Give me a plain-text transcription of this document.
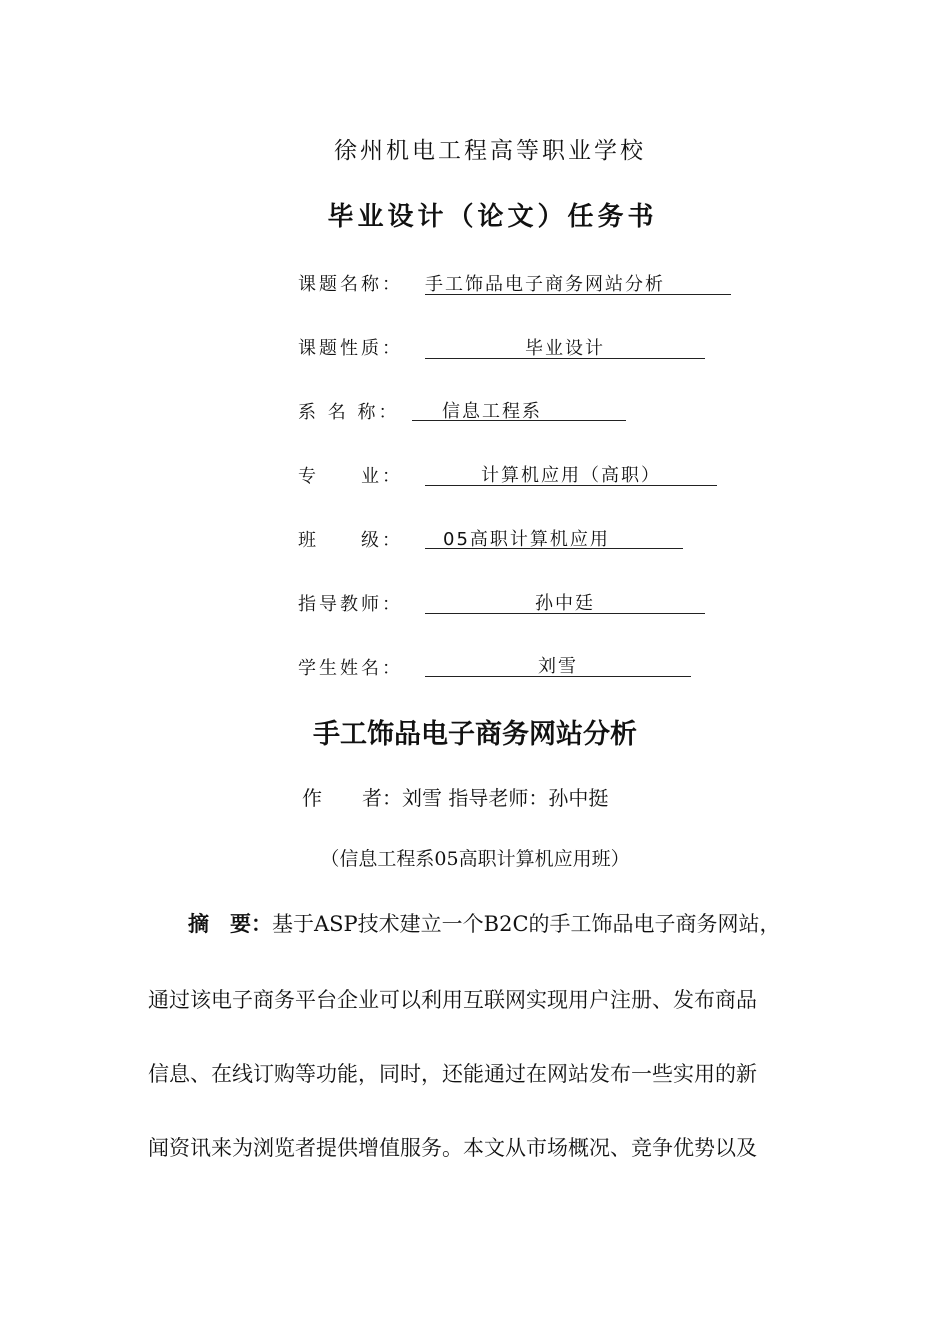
徐州机电工程高等职业学校
毕业设计（论文）任务书
课题名称： 手工饰品电子商务网站分析
课题性质：	毕业设计
系 名 称：	信息工程系
专　　业：	计算机应用（高职）
班　　级：	05高职计算机应用
指导教师：	孙中廷
学生姓名：	刘雪
手工饰品电子商务网站分析
作　　者：刘雪 指导老师：孙中挺
（信息工程系05高职计算机应用班）
摘　要：基于ASP技术建立一个B2C的手工饰品电子商务网站，
通过该电子商务平台企业可以利用互联网实现用户注册、发布商品
信息、在线订购等功能，同时，还能通过在网站发布一些实用的新
闻资讯来为浏览者提供增值服务。本文从市场概况、竞争优势以及
